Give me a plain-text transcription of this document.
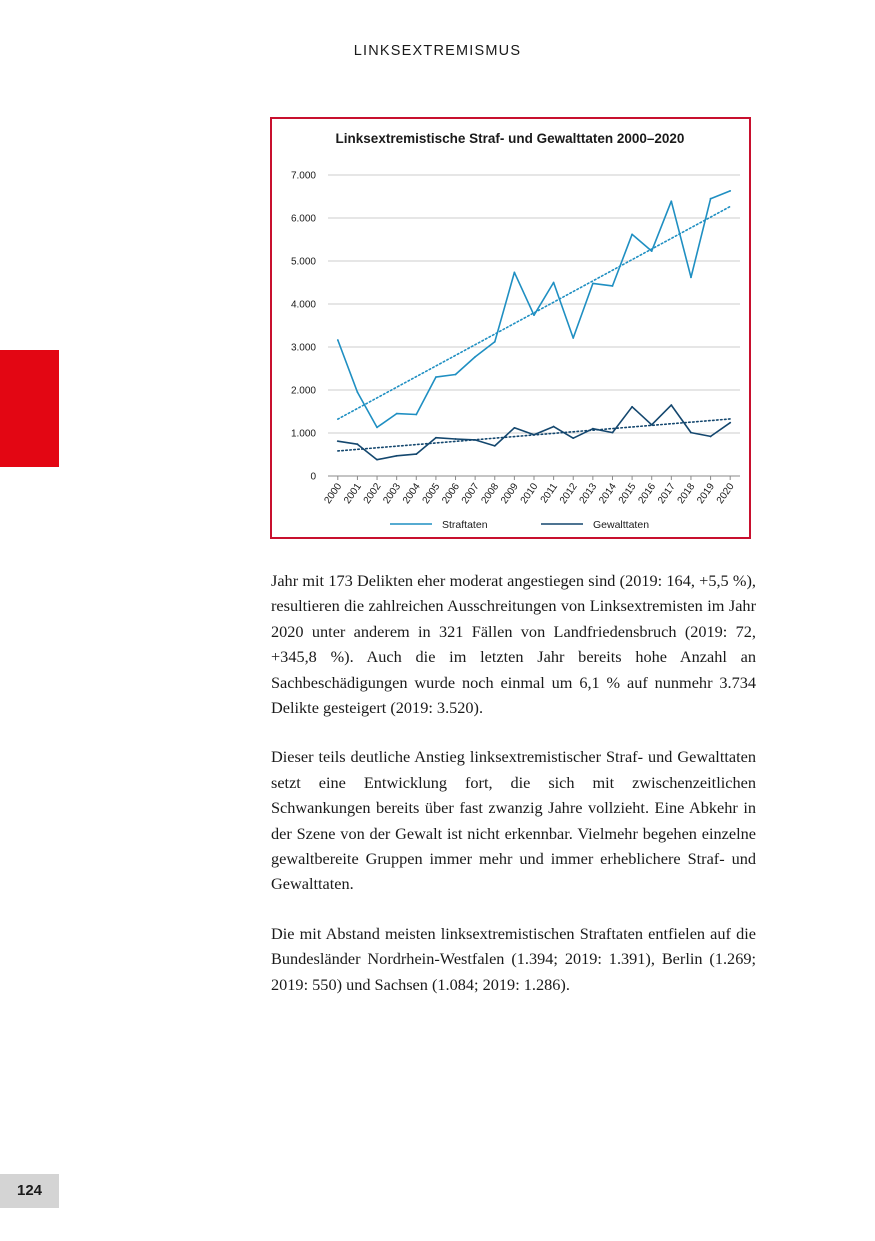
LINKSEXTREMISMUS
Linksextremistische Straf- und Gewalttaten 2000–2020
0
1.000
2.000
3.000
4.000
5.000
6.000
7.000
2000
2001
2002
2003
2004
2005
2006
2007
2008
2009
2010
2011
2012
2013
2014
2015
2016
2017
2018
2019
2020
Straftaten	Gewalttaten

Jahr mit 173 Delikten eher moderat angestiegen sind (2019: 164, +5,5 %), resultieren die zahlreichen Ausschreitungen von Linksextremisten im Jahr 2020 unter anderem in 321 Fällen von Landfriedensbruch (2019: 72, +345,8 %). Auch die im letzten Jahr bereits hohe Anzahl an Sachbeschädigungen wurde noch einmal um 6,1 % auf nunmehr 3.734 Delikte gesteigert (2019: 3.520).

Dieser teils deutliche Anstieg linksextremistischer Straf- und Gewalttaten setzt eine Entwicklung fort, die sich mit zwischenzeitlichen Schwankungen bereits über fast zwanzig Jahre vollzieht. Eine Abkehr in der Szene von der Gewalt ist nicht erkennbar. Vielmehr begehen einzelne gewaltbereite Gruppen immer mehr und immer erheblichere Straf- und Gewalttaten.

Die mit Abstand meisten linksextremistischen Straftaten entfielen auf die Bundesländer Nordrhein-Westfalen (1.394; 2019: 1.391), Berlin (1.269; 2019: 550) und Sachsen (1.084; 2019: 1.286).

124
